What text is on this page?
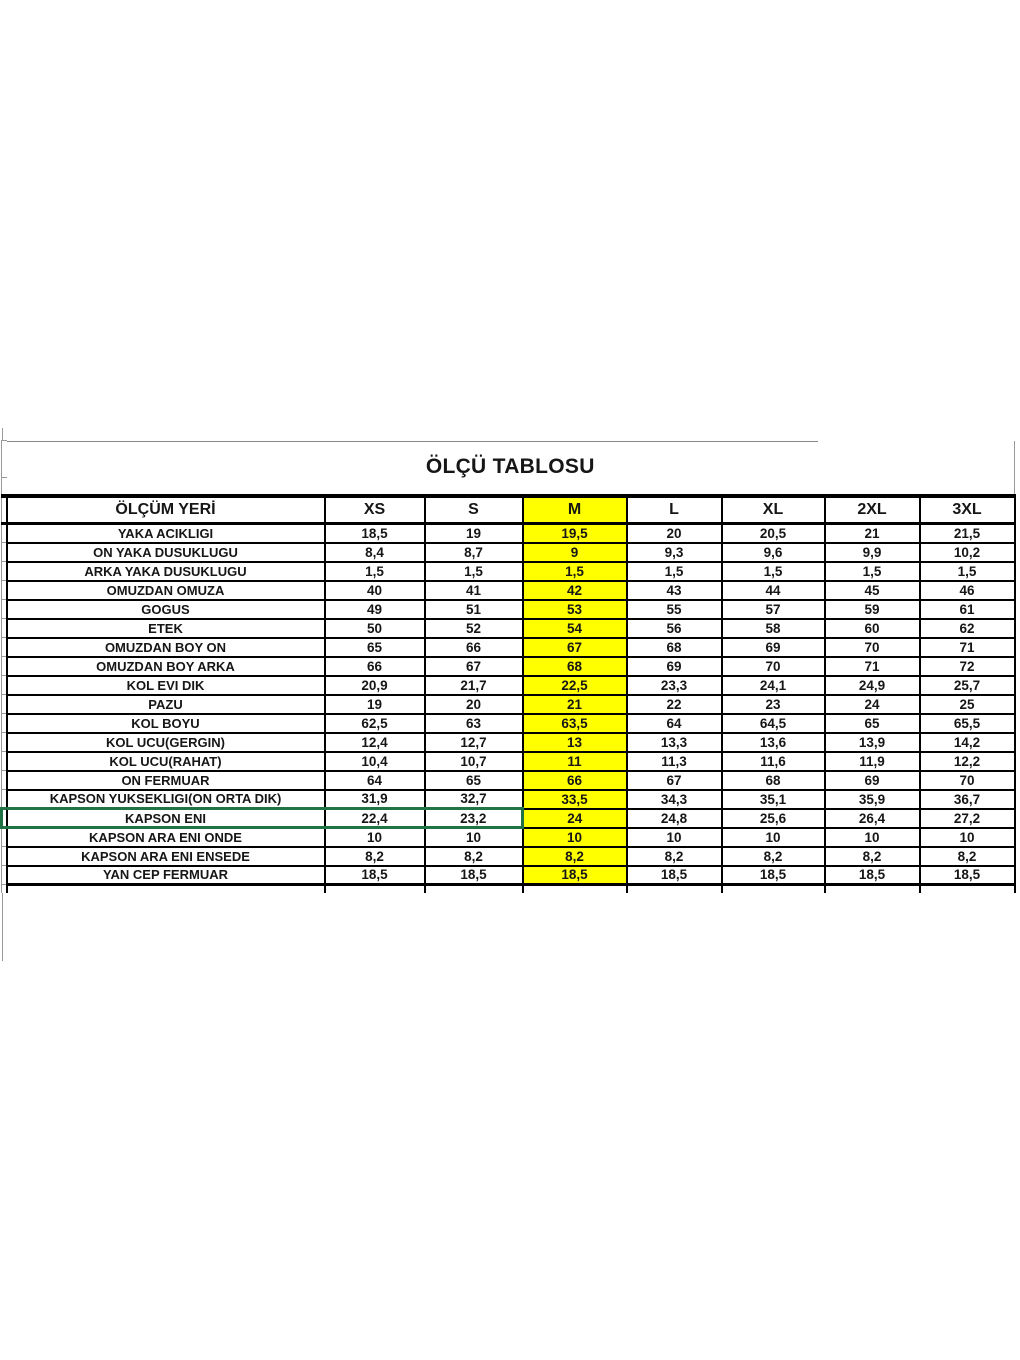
	ÖLÇÜ TABLOSU							

	ÖLÇÜM YERİ	XS	S	M	L	XL	2XL	3XL
	YAKA ACIKLIGI	18,5	19	19,5	20	20,5	21	21,5
	ON YAKA DUSUKLUGU	8,4	8,7	9	9,3	9,6	9,9	10,2
	ARKA YAKA DUSUKLUGU	1,5	1,5	1,5	1,5	1,5	1,5	1,5
	OMUZDAN OMUZA	40	41	42	43	44	45	46
	GOGUS	49	51	53	55	57	59	61
	ETEK	50	52	54	56	58	60	62
	OMUZDAN BOY ON	65	66	67	68	69	70	71
	OMUZDAN BOY ARKA	66	67	68	69	70	71	72
	KOL EVI DIK	20,9	21,7	22,5	23,3	24,1	24,9	25,7
	PAZU	19	20	21	22	23	24	25
	KOL BOYU	62,5	63	63,5	64	64,5	65	65,5
	KOL UCU(GERGIN)	12,4	12,7	13	13,3	13,6	13,9	14,2
	KOL UCU(RAHAT)	10,4	10,7	11	11,3	11,6	11,9	12,2
	ON FERMUAR	64	65	66	67	68	69	70
	KAPSON YUKSEKLIGI(ON ORTA DIK)	31,9	32,7	33,5	34,3	35,1	35,9	36,7
	KAPSON ENI	22,4	23,2	24	24,8	25,6	26,4	27,2
	KAPSON ARA ENI ONDE	10	10	10	10	10	10	10
	KAPSON ARA ENI ENSEDE	8,2	8,2	8,2	8,2	8,2	8,2	8,2
	YAN CEP FERMUAR	18,5	18,5	18,5	18,5	18,5	18,5	18,5
